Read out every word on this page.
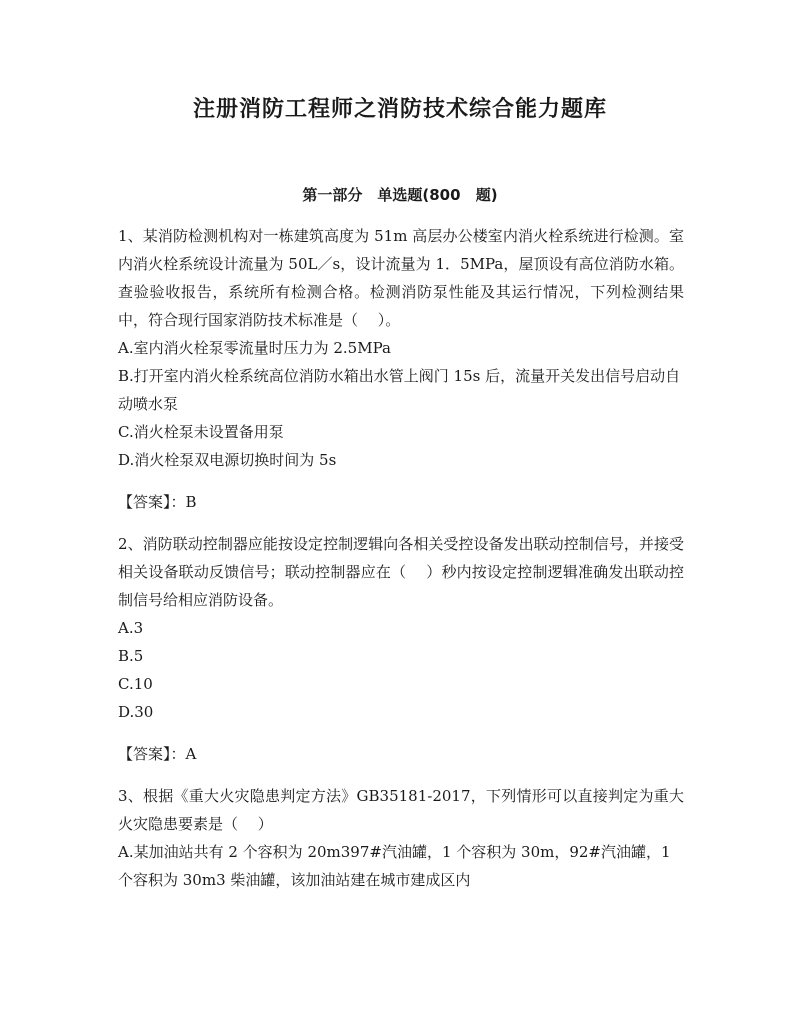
注册消防工程师之消防技术综合能力题库
第一部分　单选题(800 题)

1、某消防检测机构对一栋建筑高度为 51m 高层办公楼室内消火栓系统进行检测。室内消火栓系统设计流量为 50L／s，设计流量为 1．5MPa，屋顶设有高位消防水箱。查验验收报告，系统所有检测合格。检测消防泵性能及其运行情况，下列检测结果中，符合现行国家消防技术标准是（　 ）。

A.室内消火栓泵零流量时压力为 2.5MPa

B.打开室内消火栓系统高位消防水箱出水管上阀门 15s 后，流量开关发出信号启动自动喷水泵

C.消火栓泵未设置备用泵

D.消火栓泵双电源切换时间为 5s

【答案】：B

2、消防联动控制器应能按设定控制逻辑向各相关受控设备发出联动控制信号，并接受相关设备联动反馈信号；联动控制器应在（　 ）秒内按设定控制逻辑准确发出联动控制信号给相应消防设备。

A.3

B.5

C.10

D.30

【答案】：A

3、根据《重大火灾隐患判定方法》GB35181-2017，下列情形可以直接判定为重大火灾隐患要素是（　 ）

A.某加油站共有 2 个容积为 20m397#汽油罐，1 个容积为 30m，92#汽油罐，1 个容积为 30m3 柴油罐，该加油站建在城市建成区内
